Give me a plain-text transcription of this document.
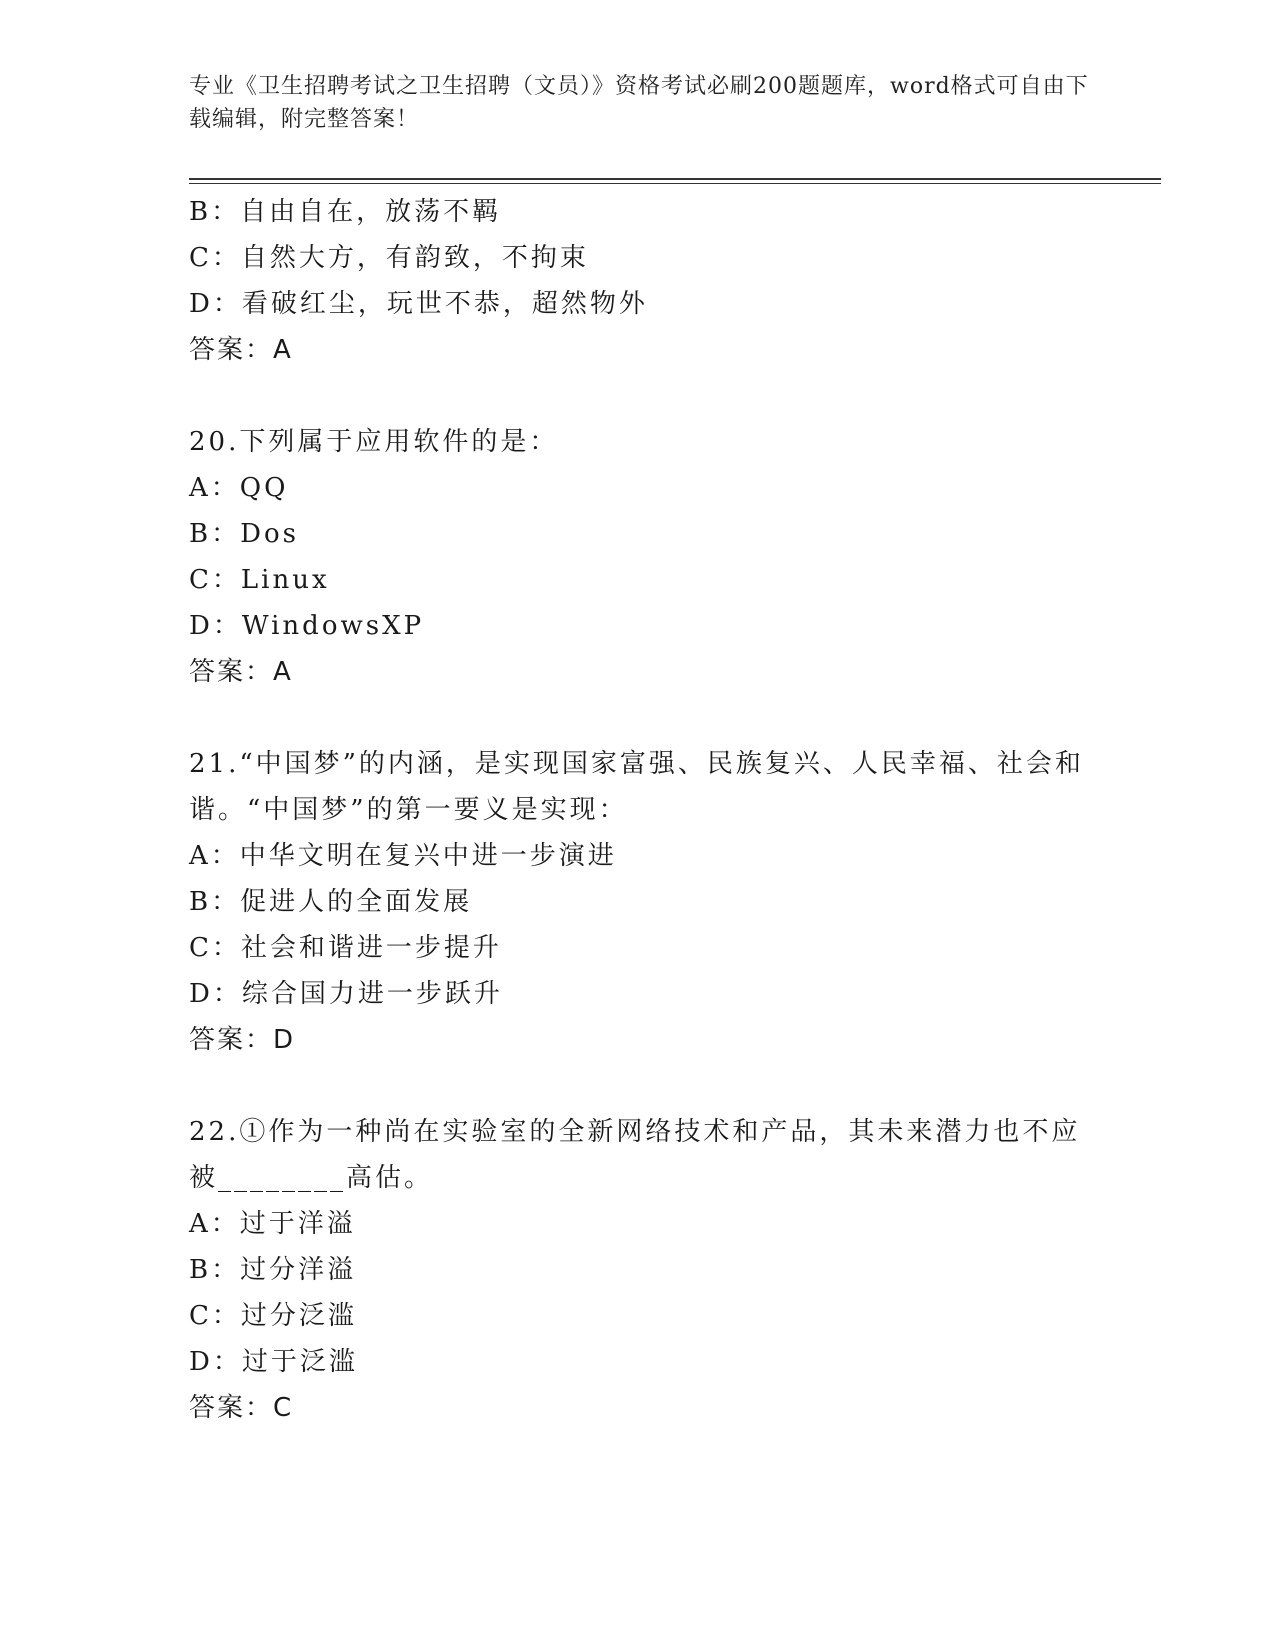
专业《卫生招聘考试之卫生招聘（文员）》资格考试必刷200题题库，word格式可自由下载编辑，附完整答案！
B：自由自在，放荡不羁
C：自然大方，有韵致，不拘束
D：看破红尘，玩世不恭，超然物外
答案：A
20.下列属于应用软件的是：
A：QQ
B：Dos
C：Linux
D：WindowsXP
答案：A
21.“中国梦”的内涵，是实现国家富强、民族复兴、人民幸福、社会和谐。“中国梦”的第一要义是实现：
A：中华文明在复兴中进一步演进
B：促进人的全面发展
C：社会和谐进一步提升
D：综合国力进一步跃升
答案：D
22.①作为一种尚在实验室的全新网络技术和产品，其未来潜力也不应被________高估。
A：过于洋溢
B：过分洋溢
C：过分泛滥
D：过于泛滥
答案：C
